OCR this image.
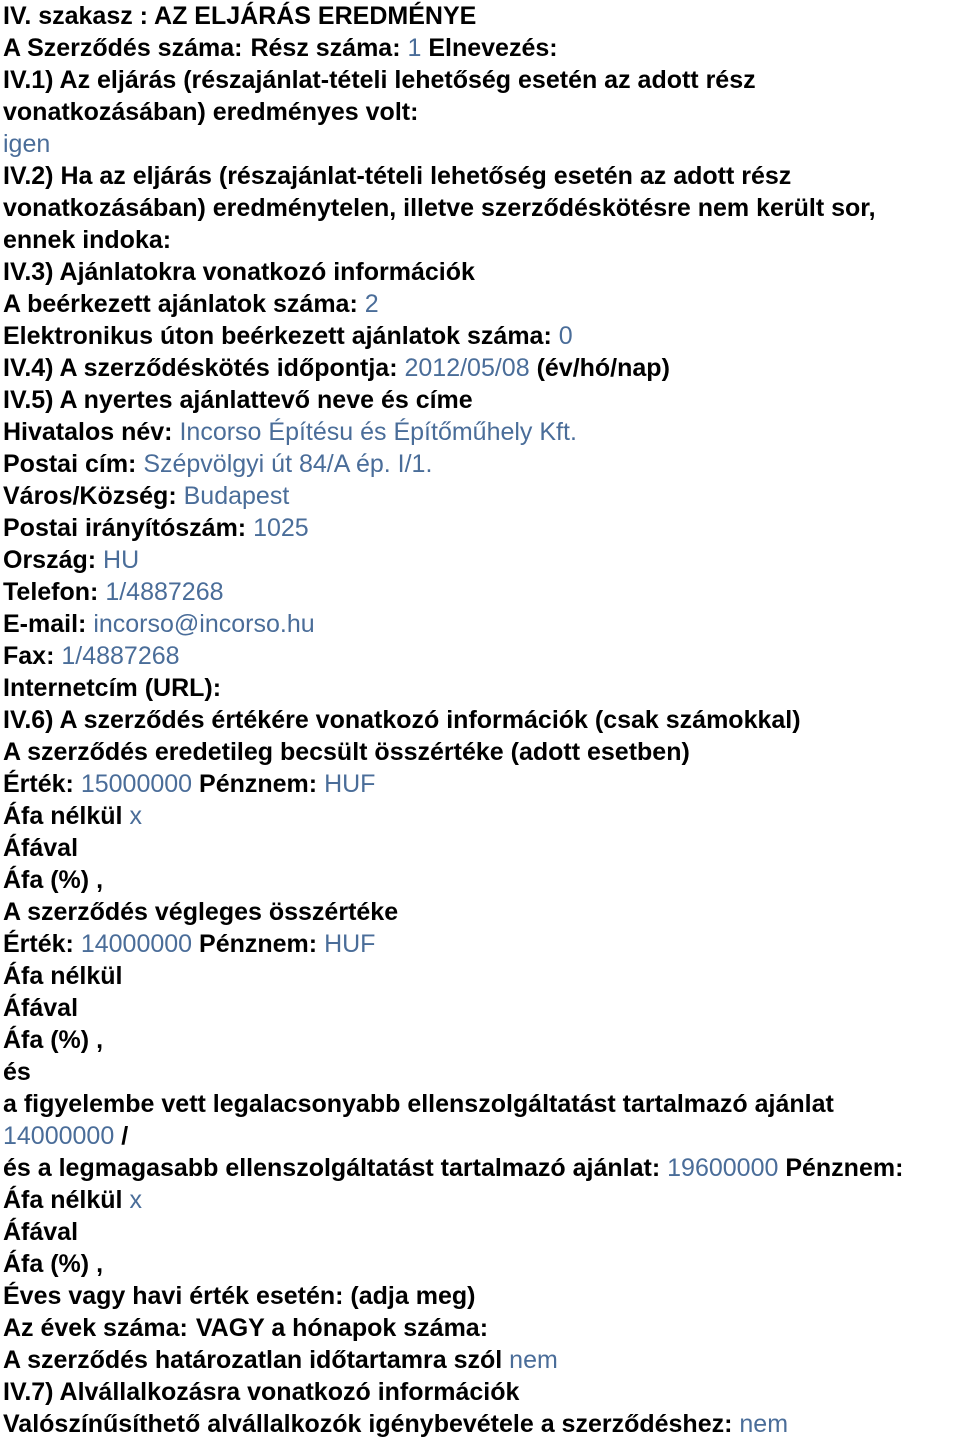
IV. szakasz : AZ ELJÁRÁS EREDMÉNYE
A Szerződés száma: Rész száma: 1 Elnevezés:
IV.1) Az eljárás (részajánlat-tételi lehetőség esetén az adott rész
vonatkozásában) eredményes volt:
igen
IV.2) Ha az eljárás (részajánlat-tételi lehetőség esetén az adott rész
vonatkozásában) eredménytelen, illetve szerződéskötésre nem került sor,
ennek indoka:
IV.3) Ajánlatokra vonatkozó információk
A beérkezett ajánlatok száma: 2
Elektronikus úton beérkezett ajánlatok száma: 0
IV.4) A szerződéskötés időpontja: 2012/05/08 (év/hó/nap)
IV.5) A nyertes ajánlattevő neve és címe
Hivatalos név: Incorso Építésu és Építőműhely Kft.
Postai cím: Szépvölgyi út 84/A ép. I/1.
Város/Község: Budapest
Postai irányítószám: 1025
Ország: HU
Telefon: 1/4887268
E-mail: incorso@incorso.hu
Fax: 1/4887268
Internetcím (URL):
IV.6) A szerződés értékére vonatkozó információk (csak számokkal)
A szerződés eredetileg becsült összértéke (adott esetben)
Érték: 15000000 Pénznem: HUF
Áfa nélkül x
Áfával
Áfa (%) ,
A szerződés végleges összértéke
Érték: 14000000 Pénznem: HUF
Áfa nélkül
Áfával
Áfa (%) ,
és
a figyelembe vett legalacsonyabb ellenszolgáltatást tartalmazó ajánlat
14000000 /
és a legmagasabb ellenszolgáltatást tartalmazó ajánlat: 19600000 Pénznem:
Áfa nélkül x
Áfával
Áfa (%) ,
Éves vagy havi érték esetén: (adja meg)
Az évek száma: VAGY a hónapok száma:
A szerződés határozatlan időtartamra szól nem
IV.7) Alvállalkozásra vonatkozó információk
Valószínűsíthető alvállalkozók igénybevétele a szerződéshez: nem
